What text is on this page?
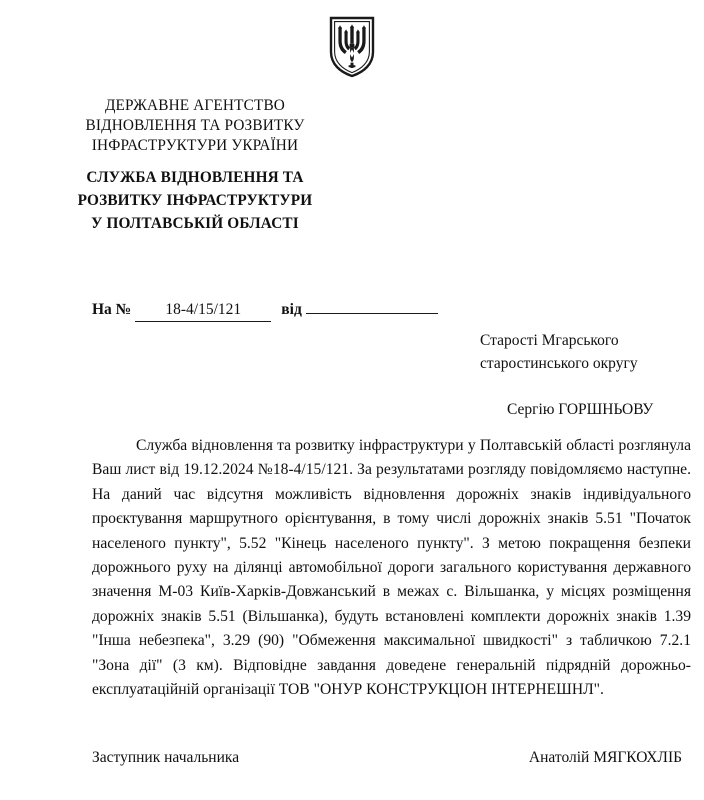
ДЕРЖАВНЕ АГЕНТСТВО
ВІДНОВЛЕННЯ ТА РОЗВИТКУ
ІНФРАСТРУКТУРИ УКРАЇНИ
СЛУЖБА ВІДНОВЛЕННЯ ТА
РОЗВИТКУ ІНФРАСТРУКТУРИ
У ПОЛТАВСЬКІЙ ОБЛАСТІ
На №	18-4/15/121	від
Старості Мгарського
старостинського округу
Сергію ГОРШНЬОВУ
Служба відновлення та розвитку інфраструктури у Полтавській області розглянула Ваш лист від 19.12.2024 №18-4/15/121. За результатами розгляду повідомляємо наступне. На даний час відсутня можливість відновлення дорожніх знаків індивідуального проєктування маршрутного орієнтування, в тому числі дорожніх знаків 5.51 "Початок населеного пункту", 5.52 "Кінець населеного пункту". З метою покращення безпеки дорожнього руху на ділянці автомобільної дороги загального користування державного значення М-03 Київ-Харків-Довжанський в межах с. Вільшанка, у місцях розміщення дорожніх знаків 5.51 (Вільшанка), будуть встановлені комплекти дорожніх знаків 1.39 "Інша небезпека", 3.29 (90) "Обмеження максимальної швидкості" з табличкою 7.2.1 "Зона дії" (3 км). Відповідне завдання доведене генеральній підрядній дорожньо-експлуатаційній організації ТОВ "ОНУР КОНСТРУКЦІОН ІНТЕРНЕШНЛ".
Заступник начальника	Анатолій МЯГКОХЛІБ
